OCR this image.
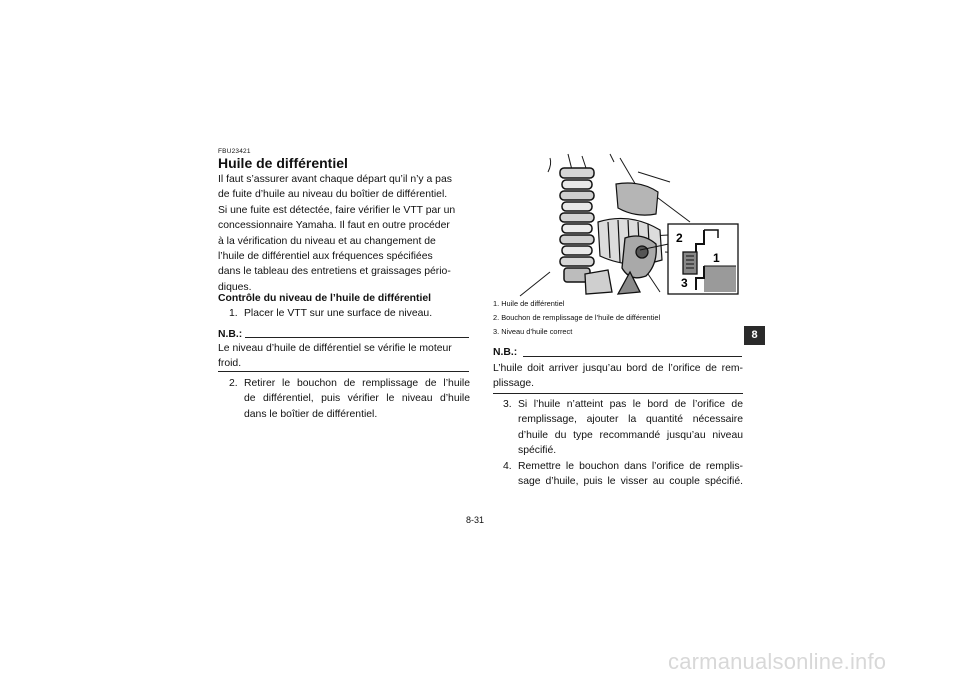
FBU23421
Huile de différentiel
Il faut s’assurer avant chaque départ qu’il n’y a pas
de fuite d’huile au niveau du boîtier de différentiel.
Si une fuite est détectée, faire vérifier le VTT par un
concessionnaire Yamaha. Il faut en outre procéder
à la vérification du niveau et au changement de
l’huile de différentiel aux fréquences spécifiées
dans le tableau des entretiens et graissages pério-
diques.
Contrôle du niveau de l’huile de différentiel
1. Placer le VTT sur une surface de niveau.
N.B.:
Le niveau d’huile de différentiel se vérifie le moteur
froid.
2. Retirer le bouchon de remplissage de l’huile
de différentiel, puis vérifier le niveau d’huile
dans le boîtier de différentiel.
2
1
3
1. Huile de différentiel
2. Bouchon de remplissage de l’huile de différentiel
3. Niveau d’huile correct
N.B.:
L’huile doit arriver jusqu’au bord de l’orifice de rem-
plissage.
3. Si l’huile n’atteint pas le bord de l’orifice de
remplissage, ajouter la quantité nécessaire
d’huile du type recommandé jusqu’au niveau
spécifié.
4. Remettre le bouchon dans l’orifice de remplis-
sage d’huile, puis le visser au couple spécifié.
8
8-31
carmanualsonline.info
